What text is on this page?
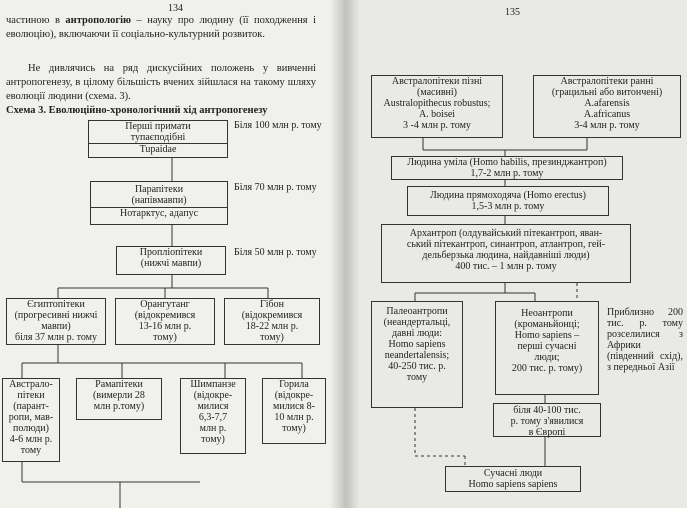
134

частиною в антропологію – науку про людину (її походження і еволюцію), включаючи її соціально-культурний розвиток.

Не дивлячись на ряд дискусійних положень у вивченні антропогенезу, в цілому більшість вчених зійшлася на такому шляху еволюції людини (схема. 3).

Схема 3. Еволюційно-хронологічний хід антропогенезу
Перші примати
тупаєподібні
Tupaidae
Біля 100 млн р. тому
Парапітеки
(напівмавпи)
Нотарктус, адапус
Біля 70 млн р. тому
Пропліопітеки
(нижчі мавпи)
Біля 50 млн р. тому
Єгиптопітеки
(прогресивні нижчі мавпи)
біля 37 млн р. тому
Орангутанг
(відокремився
13-16 млн р.
тому)
Гібон
(відокремився
18-22 млн р.
тому)
Австрало-
пітеки
(парант-
ропи, мав-
полюди)
4-6 млн р.
тому
Рамапітеки
(вимерли 28
млн р.тому)
Шимпанзе
(відокре-
милися
6,3-7,7
млн р.
тому)
Горила
(відокре-
милися 8-
10 млн р.
тому)
135
Австралопітеки пізні
(масивні)
Australopitheсus robustus;
A. boisei
3 -4 млн р. тому
Австралопітеки ранні
(грацильні або витончені)
A.afarensis
A.africanus
3-4 млн р. тому
Людина уміла (Homo habilis, презинджантроп)
1,7-2 млн р. тому
Людина прямоходяча (Homo erectus)
1,5-3 млн р. тому
Архантроп (олдувайський пітекантроп, яван-
ський пітекантроп, синантроп, атлантроп, гей-
дельберзька людина, найдавніші люди)
400 тис. – 1 млн р. тому
Палеоантропи
(неандертальці,
давні люди:
Homo sapiens
neandertalensis;
40-250 тис. р.
тому
Неоантропи
(кроманьйонці;
Homo sapiens –
перші сучасні
люди;
200 тис. р. тому)
Приблизно 200 тис. р. тому розселилися з Африки (південний схід), з передньої Азії
біля 40-100 тис.
р. тому з'явилися
в Європі
Сучасні люди
Homo sapiens sapiens
